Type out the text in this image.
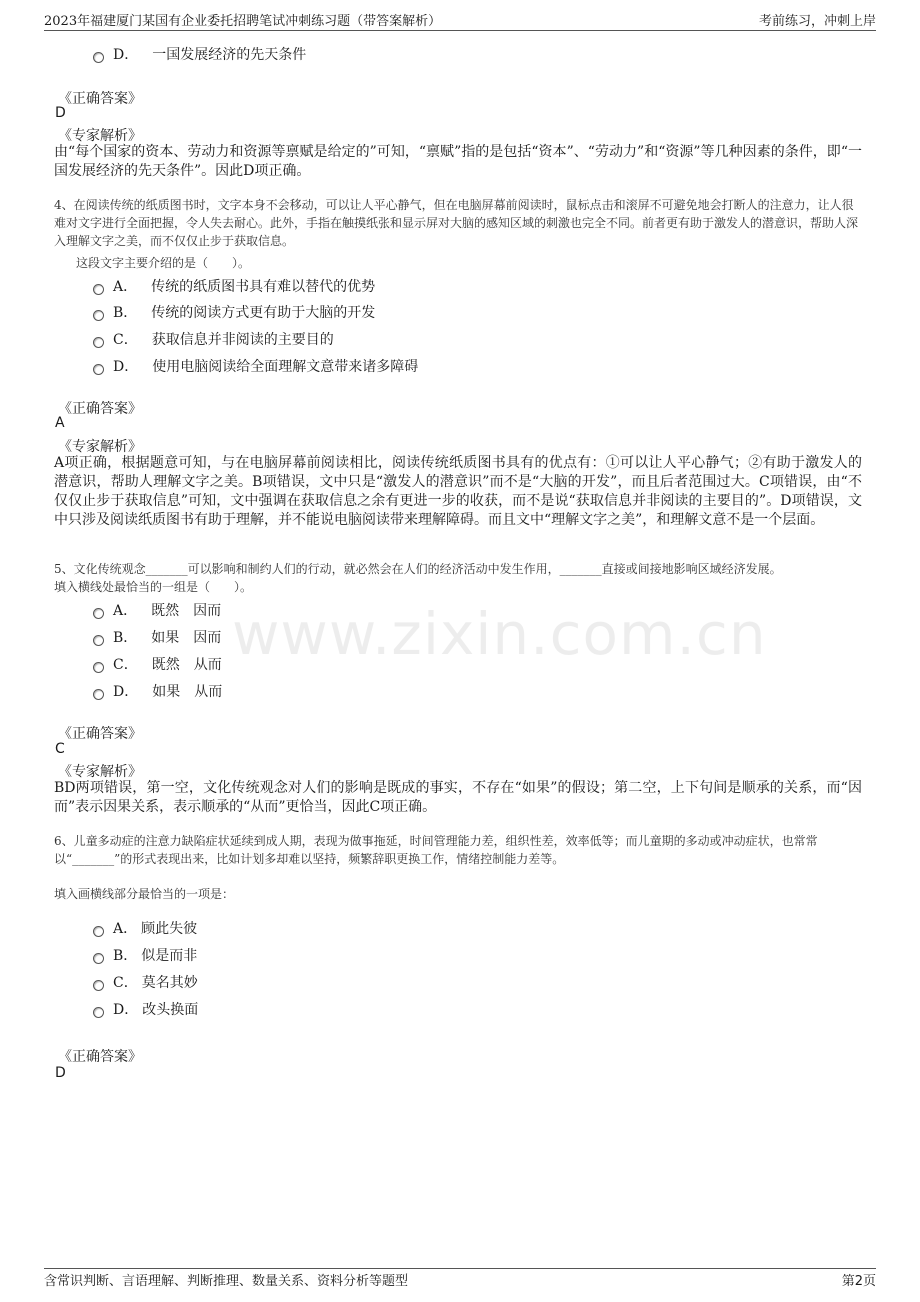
2023年福建厦门某国有企业委托招聘笔试冲刺练习题（带答案解析）	考前练习，冲刺上岸
www.zixin.com.cn
D． 一国发展经济的先天条件
《正确答案》
D
《专家解析》
由“每个国家的资本、劳动力和资源等禀赋是给定的”可知，“禀赋”指的是包括“资本”、“劳动力”和“资源”等几种因素的条件，即“一国发展经济的先天条件”。因此D项正确。
4、在阅读传统的纸质图书时，文字本身不会移动，可以让人平心静气，但在电脑屏幕前阅读时，鼠标点击和滚屏不可避免地会打断人的注意力，让人很难对文字进行全面把握，令人失去耐心。此外，手指在触摸纸张和显示屏对大脑的感知区域的刺激也完全不同。前者更有助于激发人的潜意识，帮助人深入理解文字之美，而不仅仅止步于获取信息。
这段文字主要介绍的是（　　）。
A． 传统的纸质图书具有难以替代的优势
B． 传统的阅读方式更有助于大脑的开发
C． 获取信息并非阅读的主要目的
D． 使用电脑阅读给全面理解文意带来诸多障碍
《正确答案》
A
《专家解析》
A项正确，根据题意可知，与在电脑屏幕前阅读相比，阅读传统纸质图书具有的优点有：①可以让人平心静气；②有助于激发人的潜意识，帮助人理解文字之美。B项错误，文中只是“激发人的潜意识”而不是“大脑的开发”，而且后者范围过大。C项错误，由“不仅仅止步于获取信息”可知，文中强调在获取信息之余有更进一步的收获，而不是说“获取信息并非阅读的主要目的”。D项错误，文中只涉及阅读纸质图书有助于理解，并不能说电脑阅读带来理解障碍。而且文中“理解文字之美”，和理解文意不是一个层面。
5、文化传统观念_______可以影响和制约人们的行动，就必然会在人们的经济活动中发生作用，_______直接或间接地影响区域经济发展。
填入横线处最恰当的一组是（　　）。
A． 既然　因而
B． 如果　因而
C． 既然　从而
D． 如果　从而
《正确答案》
C
《专家解析》
BD两项错误，第一空，文化传统观念对人们的影响是既成的事实，不存在“如果”的假设；第二空，上下句间是顺承的关系，而“因而”表示因果关系，表示顺承的“从而”更恰当，因此C项正确。
6、儿童多动症的注意力缺陷症状延续到成人期，表现为做事拖延，时间管理能力差，组织性差，效率低等；而儿童期的多动或冲动症状，也常常以“_______”的形式表现出来，比如计划多却难以坚持，频繁辞职更换工作，情绪控制能力差等。
填入画横线部分最恰当的一项是：
A． 顾此失彼
B． 似是而非
C． 莫名其妙
D． 改头换面
《正确答案》
D
含常识判断、言语理解、判断推理、数量关系、资料分析等题型	第2页
